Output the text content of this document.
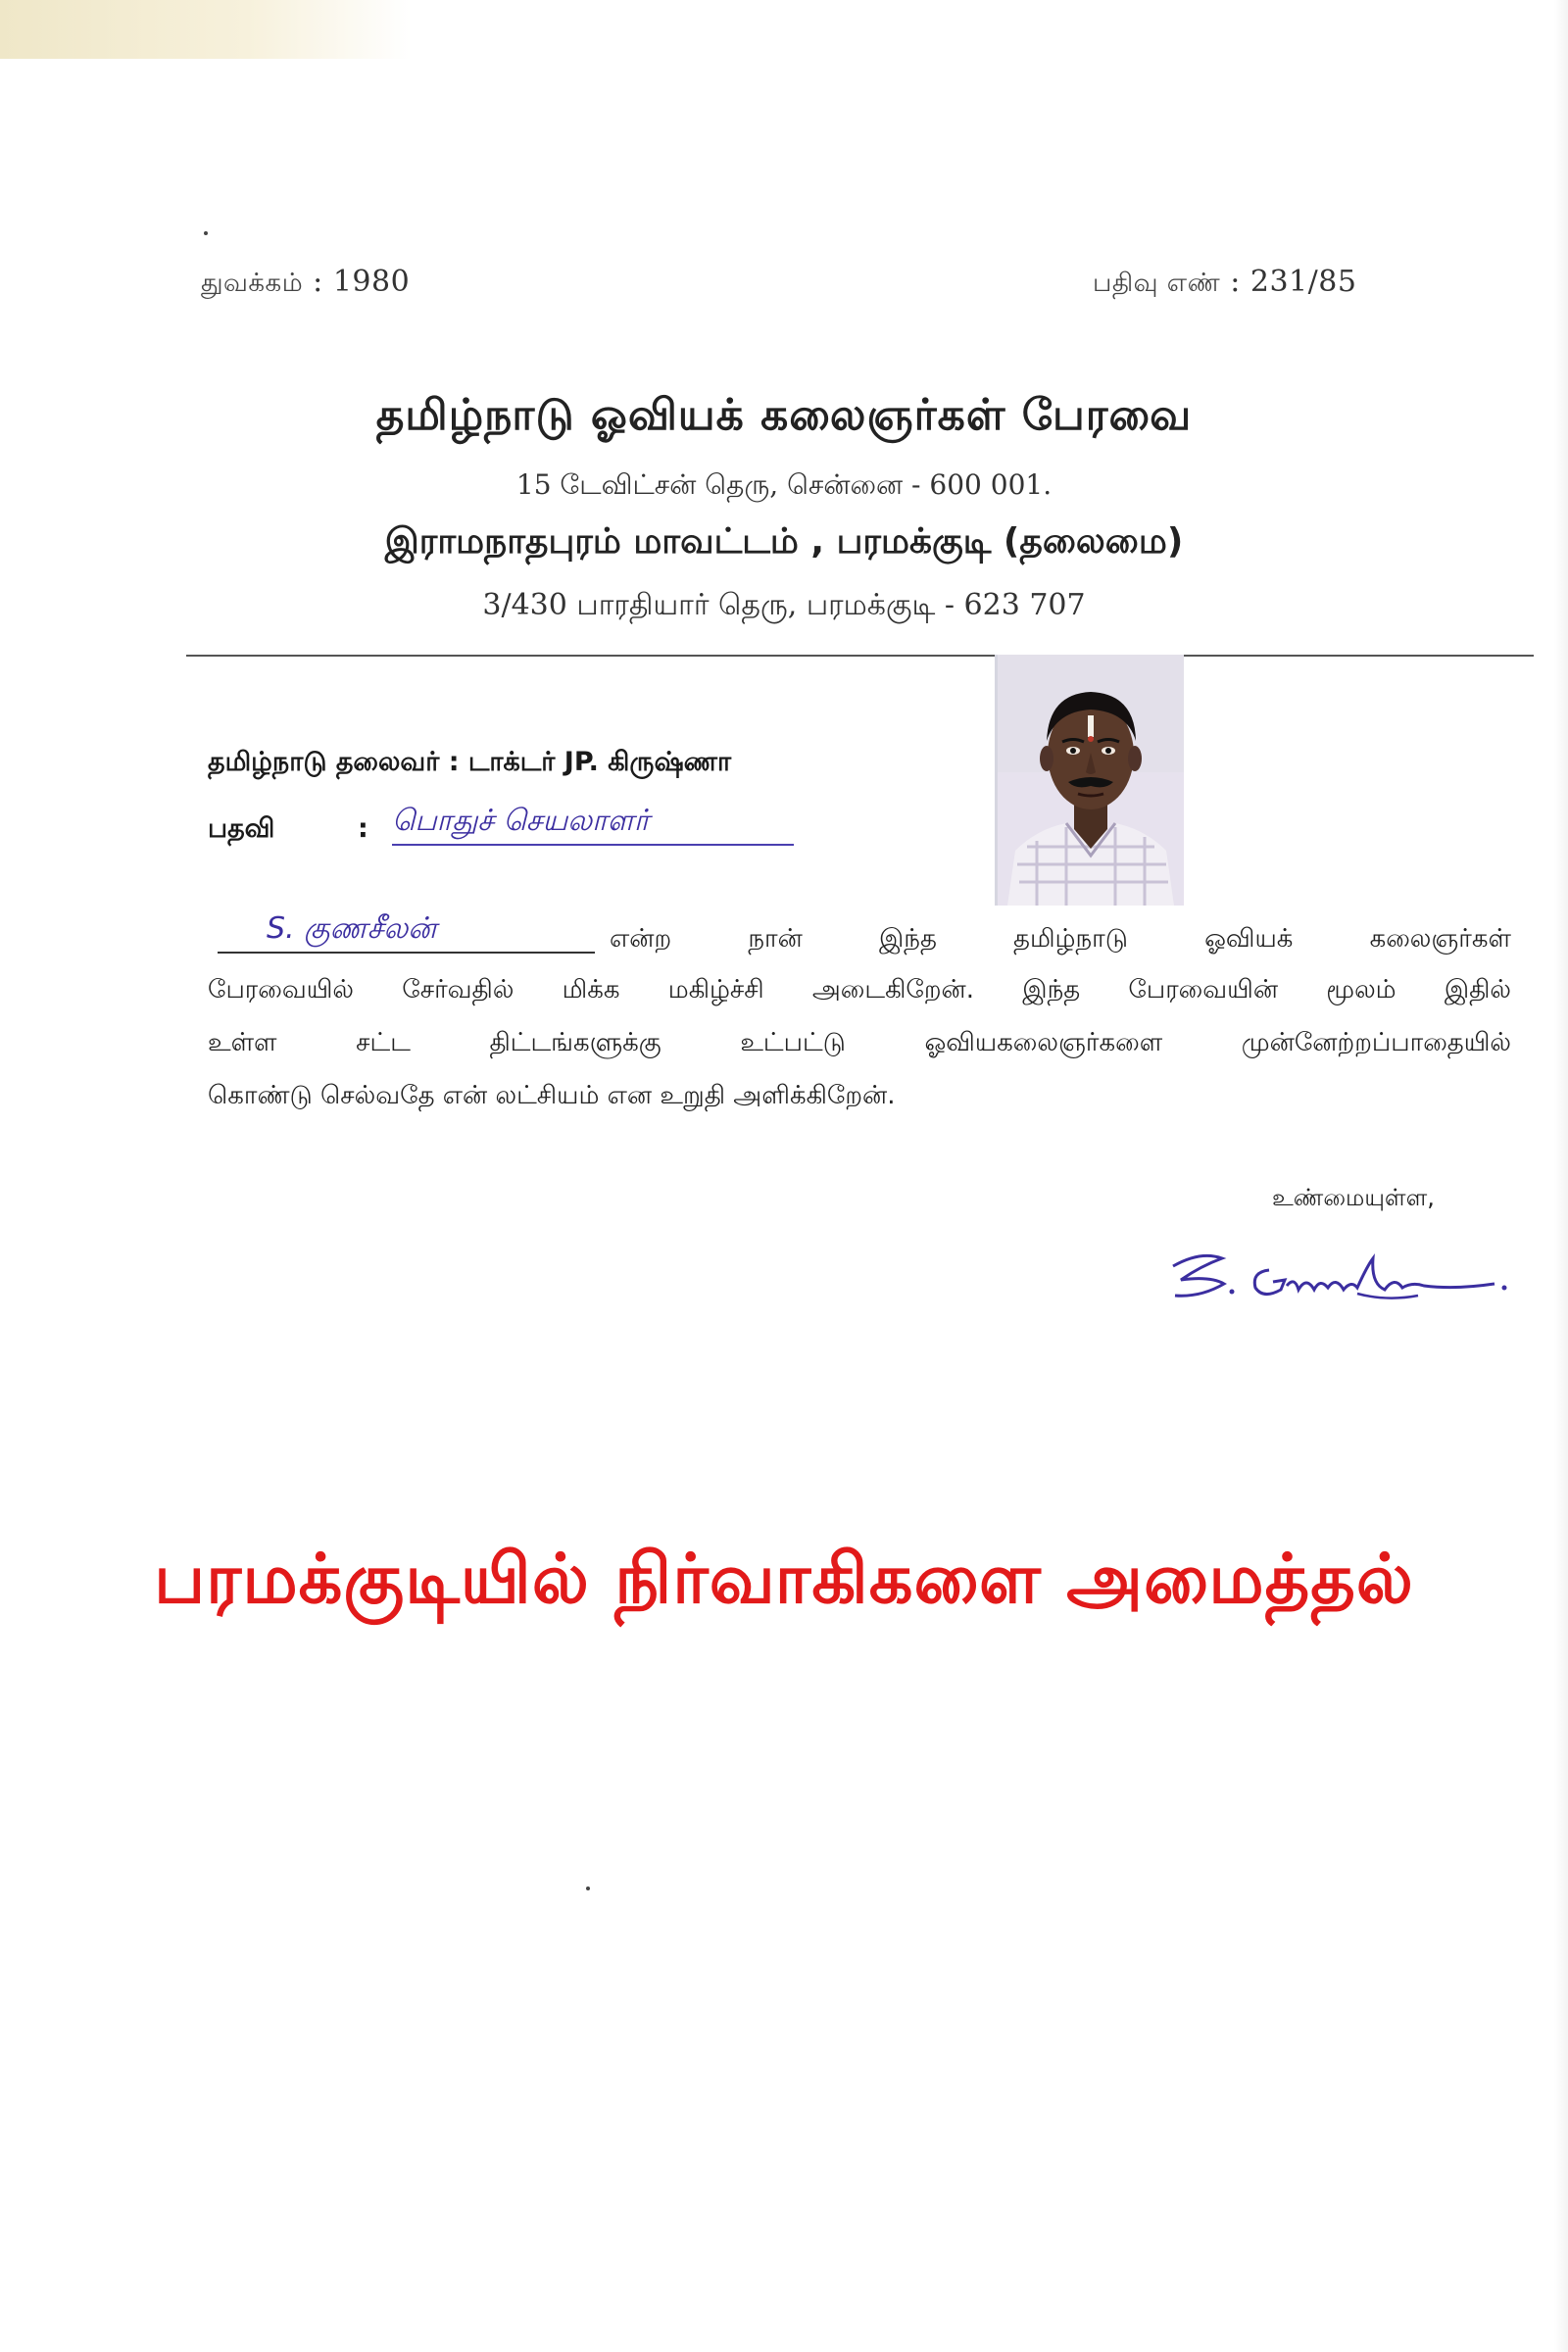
துவக்கம் : 1980	பதிவு எண் : 231/85
தமிழ்நாடு ஓவியக் கலைஞர்கள் பேரவை
15 டேவிட்சன் தெரு, சென்னை - 600 001.
இராமநாதபுரம் மாவட்டம் , பரமக்குடி (தலைமை)
3/430 பாரதியார் தெரு, பரமக்குடி - 623 707
தமிழ்நாடு தலைவர் : டாக்டர் JP. கிருஷ்ணா
பதவி	: பொதுச் செயலாளர்
S. குணசீலன்	என்ற நான் இந்த தமிழ்நாடு ஓவியக் கலைஞர்கள்
பேரவையில் சேர்வதில் மிக்க மகிழ்ச்சி அடைகிறேன். இந்த பேரவையின் மூலம் இதில்
உள்ள சட்ட திட்டங்களுக்கு உட்பட்டு ஓவியகலைஞர்களை முன்னேற்றப்பாதையில்
கொண்டு செல்வதே என் லட்சியம் என உறுதி அளிக்கிறேன்.
உண்மையுள்ள,
பரமக்குடியில் நிர்வாகிகளை அமைத்தல்
